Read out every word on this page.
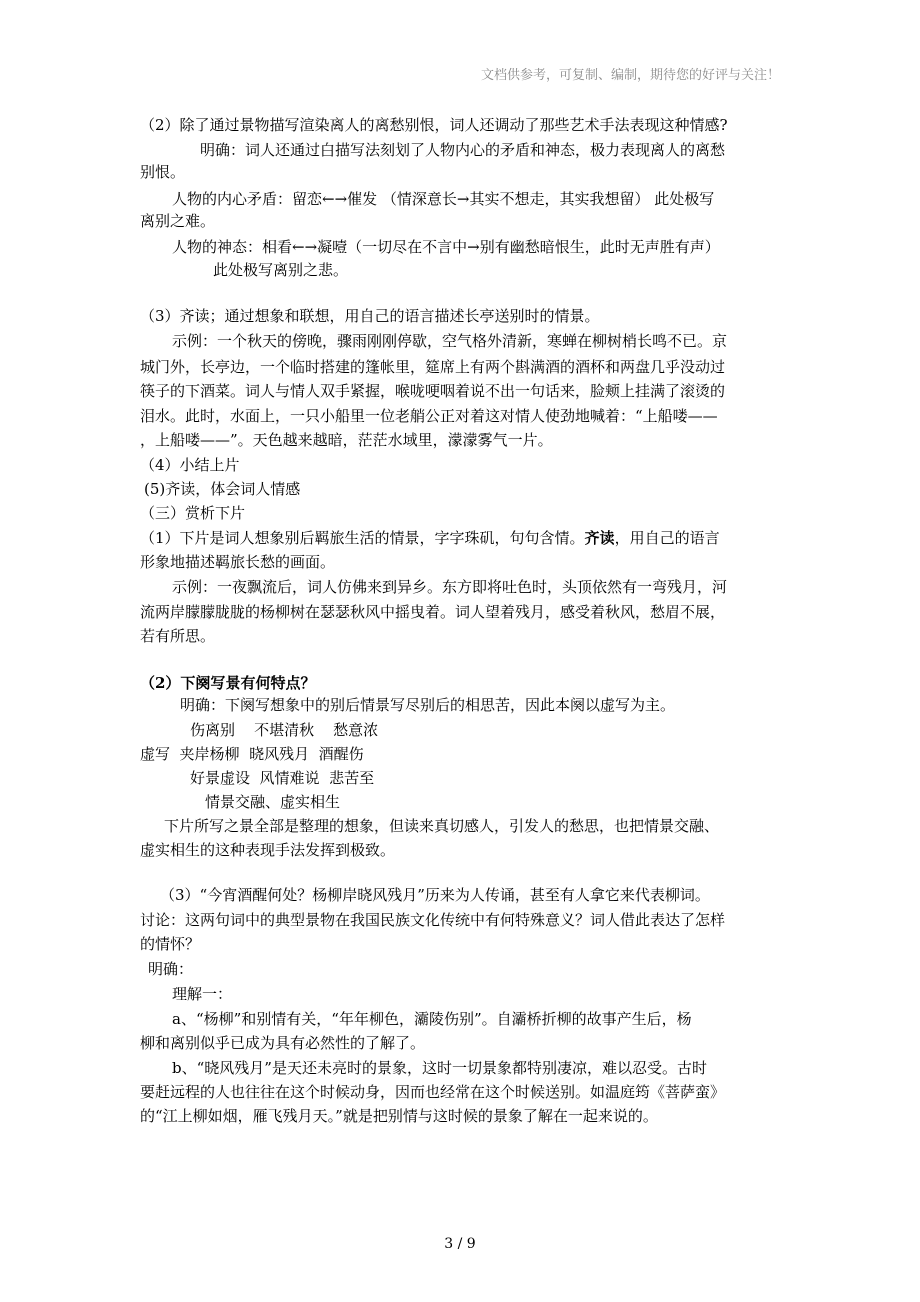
文档供参考，可复制、编制，期待您的好评与关注！
（2）除了通过景物描写渲染离人的离愁别恨，词人还调动了那些艺术手法表现这种情感?
明确：词人还通过白描写法刻划了人物内心的矛盾和神态，极力表现离人的离愁
别恨。
人物的内心矛盾：留恋←→催发 （情深意长→其实不想走，其实我想留） 此处极写
离别之难。
人物的神态：相看←→凝噎（一切尽在不言中→别有幽愁暗恨生，此时无声胜有声）
此处极写离别之悲。
（3）齐读；通过想象和联想，用自己的语言描述长亭送别时的情景。
示例：一个秋天的傍晚，骤雨刚刚停歇，空气格外清新，寒蝉在柳树梢长鸣不已。京
城门外，长亭边，一个临时搭建的篷帐里，筵席上有两个斟满酒的酒杯和两盘几乎没动过
筷子的下酒菜。词人与情人双手紧握，喉咙哽咽着说不出一句话来，脸颊上挂满了滚烫的
泪水。此时，水面上，一只小船里一位老艄公正对着这对情人使劲地喊着：“上船喽——
，上船喽——”。天色越来越暗，茫茫水域里，濛濛雾气一片。
（4）小结上片
(5)齐读，体会词人情感
（三）赏析下片
（1）下片是词人想象别后羁旅生活的情景，字字珠矶，句句含情。齐读，用自己的语言
形象地描述羁旅长愁的画面。
示例：一夜飘流后，词人仿佛来到异乡。东方即将吐色时，头顶依然有一弯残月，河
流两岸朦朦胧胧的杨柳树在瑟瑟秋风中摇曳着。词人望着残月，感受着秋风，愁眉不展，
若有所思。
（2）下阕写景有何特点？
明确：下阕写想象中的别后情景写尽别后的相思苦，因此本阕以虚写为主。
伤离别    不堪清秋    愁意浓
虚写  夹岸杨柳  晓风残月  酒醒伤
好景虚设  风情难说  悲苦至
情景交融、虚实相生
下片所写之景全部是整理的想象，但读来真切感人，引发人的愁思，也把情景交融、
虚实相生的这种表现手法发挥到极致。
（3）“今宵酒醒何处？杨柳岸晓风残月”历来为人传诵，甚至有人拿它来代表柳词。
讨论：这两句词中的典型景物在我国民族文化传统中有何特殊意义？词人借此表达了怎样
的情怀？
明确：
理解一：
a、“杨柳”和别情有关，“年年柳色，灞陵伤别”。自灞桥折柳的故事产生后，杨
柳和离别似乎已成为具有必然性的了解了。
b、“晓风残月”是天还未亮时的景象，这时一切景象都特别凄凉，难以忍受。古时
要赶远程的人也往往在这个时候动身，因而也经常在这个时候送别。如温庭筠《菩萨蛮》
的“江上柳如烟，雁飞残月天。”就是把别情与这时候的景象了解在一起来说的。
3 / 9
